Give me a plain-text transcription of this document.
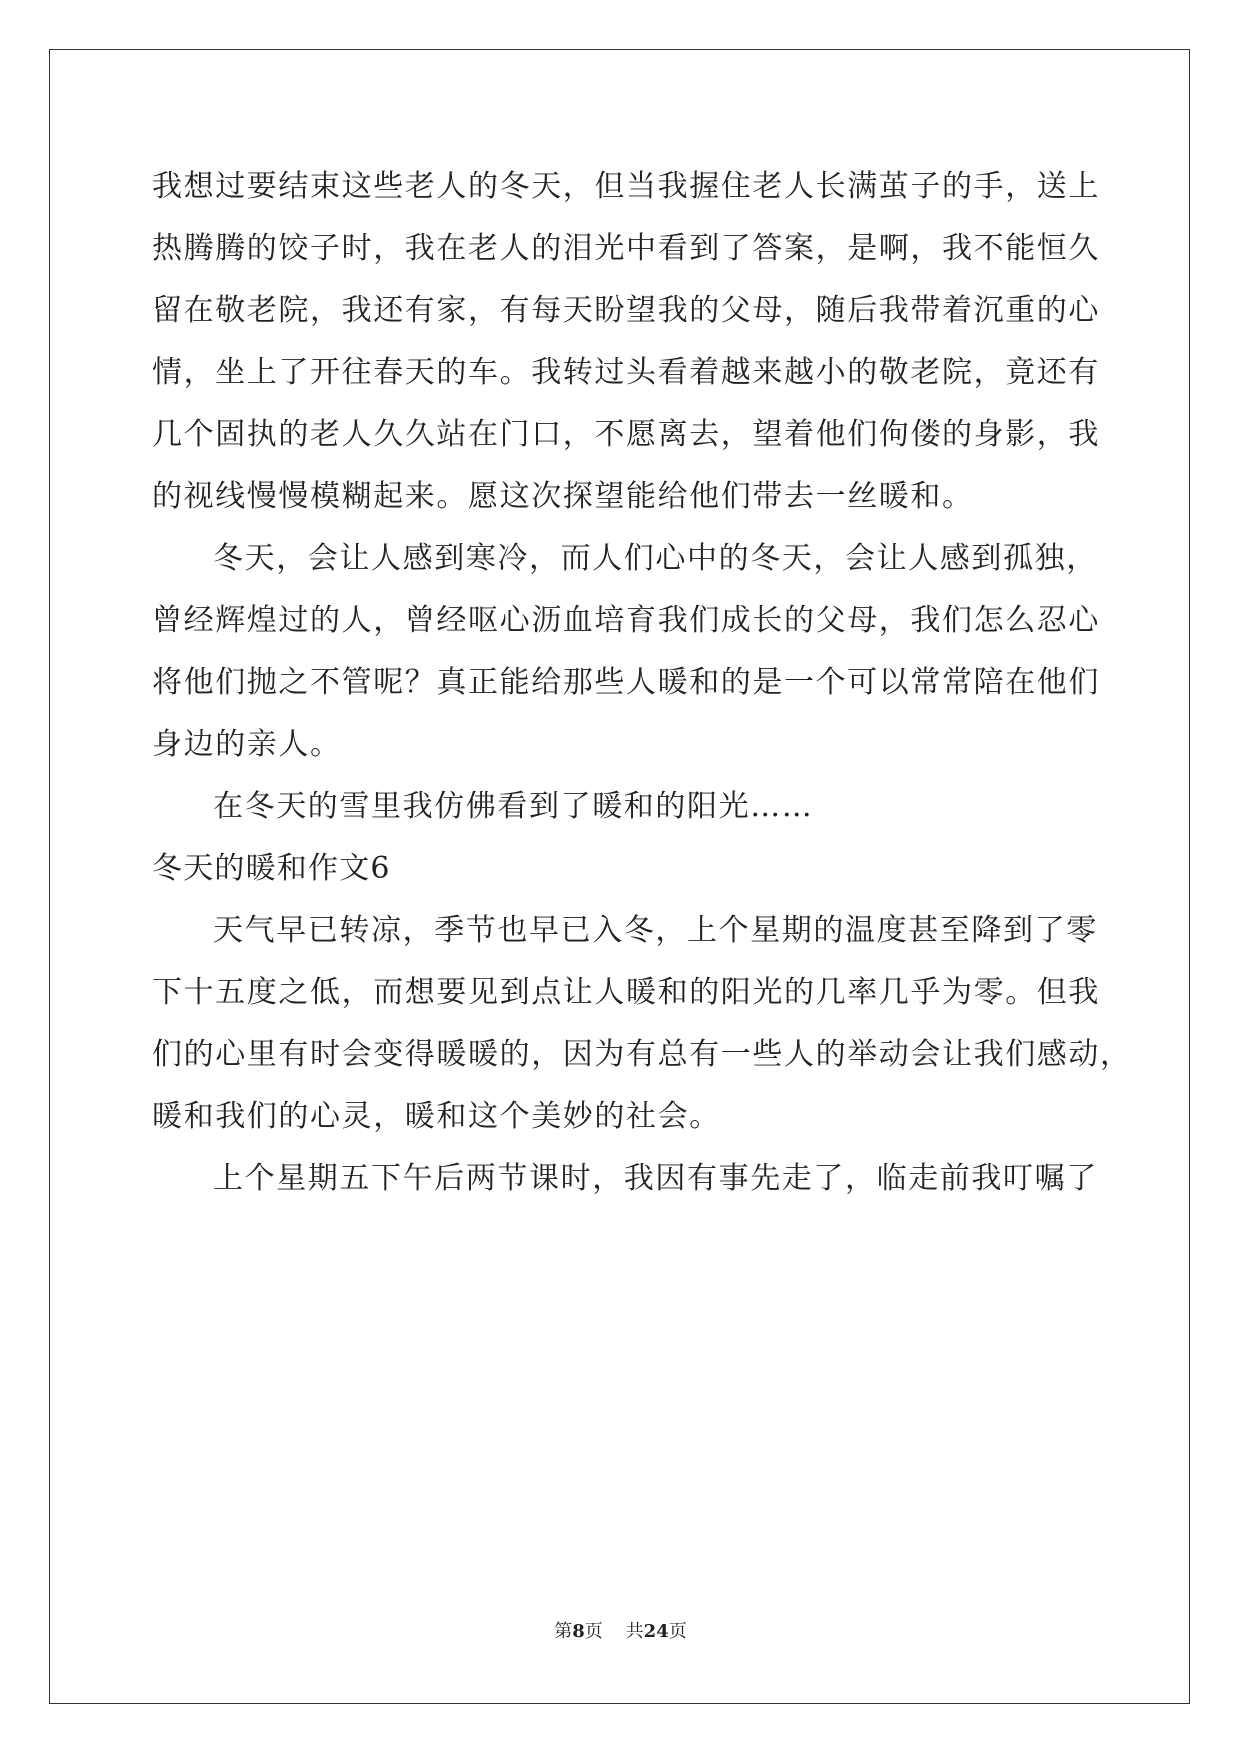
我想过要结束这些老人的冬天，但当我握住老人长满茧子的手，送上
热腾腾的饺子时，我在老人的泪光中看到了答案，是啊，我不能恒久
留在敬老院，我还有家，有每天盼望我的父母，随后我带着沉重的心
情，坐上了开往春天的车。我转过头看着越来越小的敬老院，竟还有
几个固执的老人久久站在门口，不愿离去，望着他们佝偻的身影，我
的视线慢慢模糊起来。愿这次探望能给他们带去一丝暖和。
冬天，会让人感到寒冷，而人们心中的冬天，会让人感到孤独，
曾经辉煌过的人，曾经呕心沥血培育我们成长的父母，我们怎么忍心
将他们抛之不管呢？真正能给那些人暖和的是一个可以常常陪在他们
身边的亲人。
在冬天的雪里我仿佛看到了暖和的阳光……
冬天的暖和作文6
天气早已转凉，季节也早已入冬，上个星期的温度甚至降到了零
下十五度之低，而想要见到点让人暖和的阳光的几率几乎为零。但我
们的心里有时会变得暖暖的，因为有总有一些人的举动会让我们感动，
暖和我们的心灵，暖和这个美妙的社会。
上个星期五下午后两节课时，我因有事先走了，临走前我叮嘱了
第8页    共24页
